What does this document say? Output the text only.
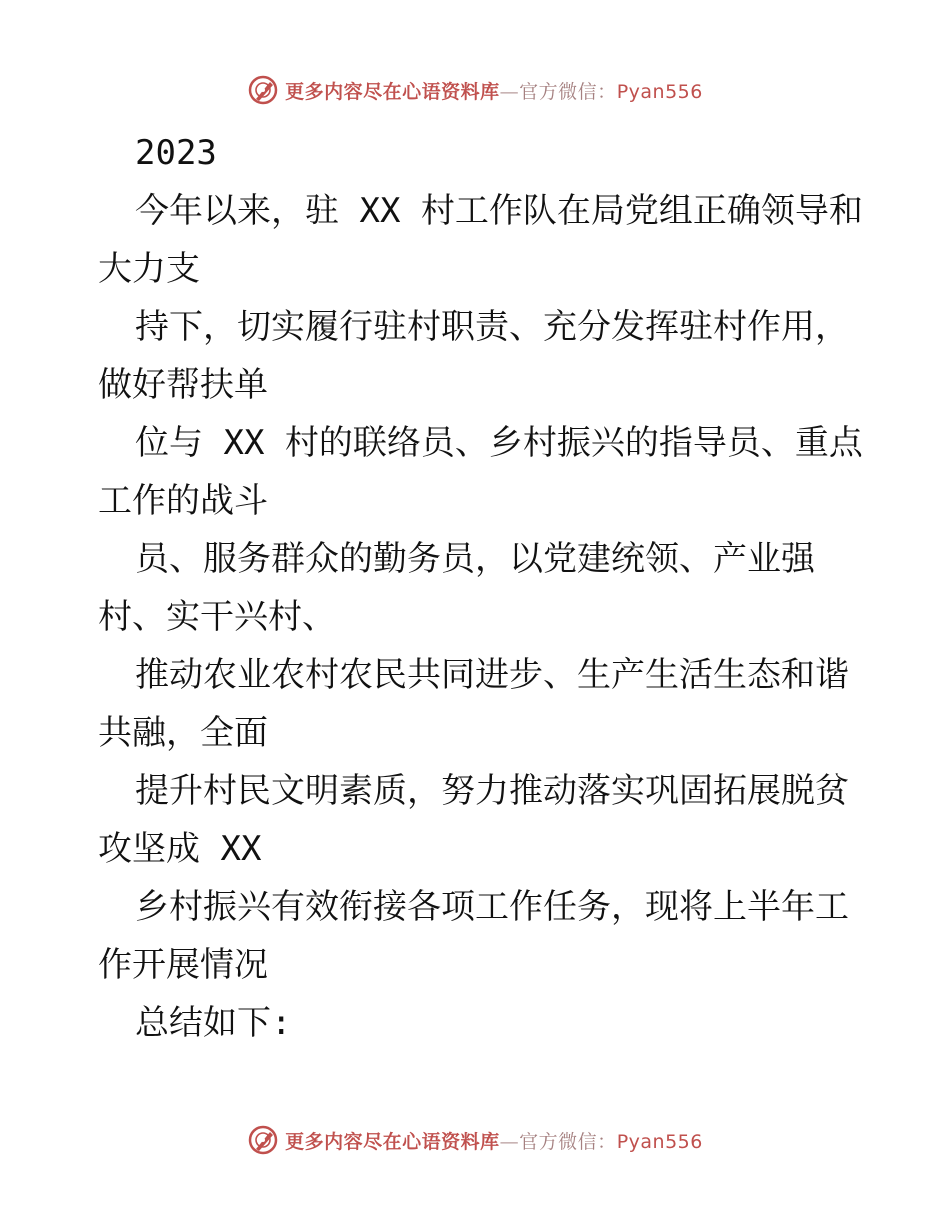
更多内容尽在心语资料库—官方微信：Pyan556
2023
今年以来，驻 XX 村工作队在局党组正确领导和
大力支
持下，切实履行驻村职责、充分发挥驻村作用，
做好帮扶单
位与 XX 村的联络员、乡村振兴的指导员、重点
工作的战斗
员、服务群众的勤务员，以党建统领、产业强
村、实干兴村、
推动农业农村农民共同进步、生产生活生态和谐
共融，全面
提升村民文明素质，努力推动落实巩固拓展脱贫
攻坚成 XX
乡村振兴有效衔接各项工作任务，现将上半年工
作开展情况
总结如下:
更多内容尽在心语资料库—官方微信：Pyan556
